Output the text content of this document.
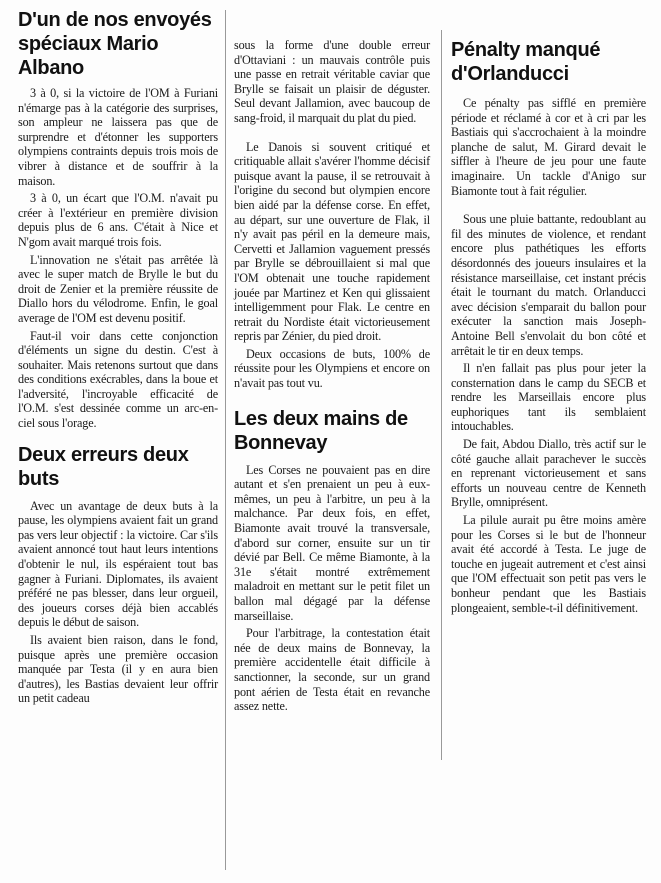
D'un de nos envoyés spéciaux Mario Albano

3 à 0, si la victoire de l'OM à Furiani n'émarge pas à la catégorie des surprises, son ampleur ne laissera pas que de surprendre et d'étonner les supporters olympiens contraints depuis trois mois de vibrer à distance et de souffrir à la maison.

3 à 0, un écart que l'O.M. n'avait pu créer à l'extérieur en première division depuis plus de 6 ans. C'était à Nice et N'gom avait marqué trois fois.

L'innovation ne s'était pas arrêtée là avec le super match de Brylle le but du droit de Zenier et la première réussite de Diallo hors du vélodrome. Enfin, le goal average de l'OM est devenu positif.

Faut-il voir dans cette conjonction d'éléments un signe du destin. C'est à souhaiter. Mais retenons surtout que dans des conditions exécrables, dans la boue et l'adversité, l'incroyable efficacité de l'O.M. s'est dessinée comme un arc-en-ciel sous l'orage.

Deux erreurs deux buts

Avec un avantage de deux buts à la pause, les olympiens avaient fait un grand pas vers leur objectif : la victoire. Car s'ils avaient annoncé tout haut leurs intentions d'obtenir le nul, ils espéraient tout bas gagner à Furiani. Diplomates, ils avaient préféré ne pas blesser, dans leur orgueil, des joueurs corses déjà bien accablés depuis le début de saison.

Ils avaient bien raison, dans le fond, puisque après une première occasion manquée par Testa (il y en aura bien d'autres), les Bastias devaient leur offrir un petit cadeau

sous la forme d'une double erreur d'Ottaviani : un mauvais contrôle puis une passe en retrait véritable caviar que Brylle se faisait un plaisir de déguster. Seul devant Jallamion, avec baucoup de sang-froid, il marquait du plat du pied.

Le Danois si souvent critiqué et critiquable allait s'avérer l'homme décisif puisque avant la pause, il se retrouvait à l'origine du second but olympien encore bien aidé par la défense corse. En effet, au départ, sur une ouverture de Flak, il n'y avait pas péril en la demeure mais, Cervetti et Jallamion vaguement pressés par Brylle se débrouillaient si mal que l'OM obtenait une touche rapidement jouée par Martinez et Ken qui glissaient intelligemment pour Flak. Le centre en retrait du Nordiste était victorieusement repris par Zénier, du pied droit.

Deux occasions de buts, 100% de réussite pour les Olympiens et encore on n'avait pas tout vu.

Les deux mains de Bonnevay

Les Corses ne pouvaient pas en dire autant et s'en prenaient un peu à eux-mêmes, un peu à l'arbitre, un peu à la malchance. Par deux fois, en effet, Biamonte avait trouvé la transversale, d'abord sur corner, ensuite sur un tir dévié par Bell. Ce même Biamonte, à la 31e s'était montré extrêmement maladroit en mettant sur le petit filet un ballon mal dégagé par la défense marseillaise.

Pour l'arbitrage, la contestation était née de deux mains de Bonnevay, la première accidentelle était difficile à sanctionner, la seconde, sur un grand pont aérien de Testa était en revanche assez nette.

Pénalty manqué d'Orlanducci

Ce pénalty pas sifflé en première période et réclamé à cor et à cri par les Bastiais qui s'accrochaient à la moindre planche de salut, M. Girard devait le siffler à l'heure de jeu pour une faute imaginaire. Un tackle d'Anigo sur Biamonte tout à fait régulier.

Sous une pluie battante, redoublant au fil des minutes de violence, et rendant encore plus pathétiques les efforts désordonnés des joueurs insulaires et la résistance marseillaise, cet instant précis était le tournant du match. Orlanducci avec décision s'emparait du ballon pour exécuter la sanction mais Joseph-Antoine Bell s'envolait du bon côté et arrêtait le tir en deux temps.

Il n'en fallait pas plus pour jeter la consternation dans le camp du SECB et rendre les Marseillais encore plus euphoriques tant ils semblaient intouchables.

De fait, Abdou Diallo, très actif sur le côté gauche allait parachever le succès en reprenant victorieusement et sans efforts un nouveau centre de Kenneth Brylle, omniprésent.

La pilule aurait pu être moins amère pour les Corses si le but de l'honneur avait été accordé à Testa. Le juge de touche en jugeait autrement et c'est ainsi que l'OM effectuait son petit pas vers le bonheur pendant que les Bastiais plongeaient, semble-t-il définitivement.
